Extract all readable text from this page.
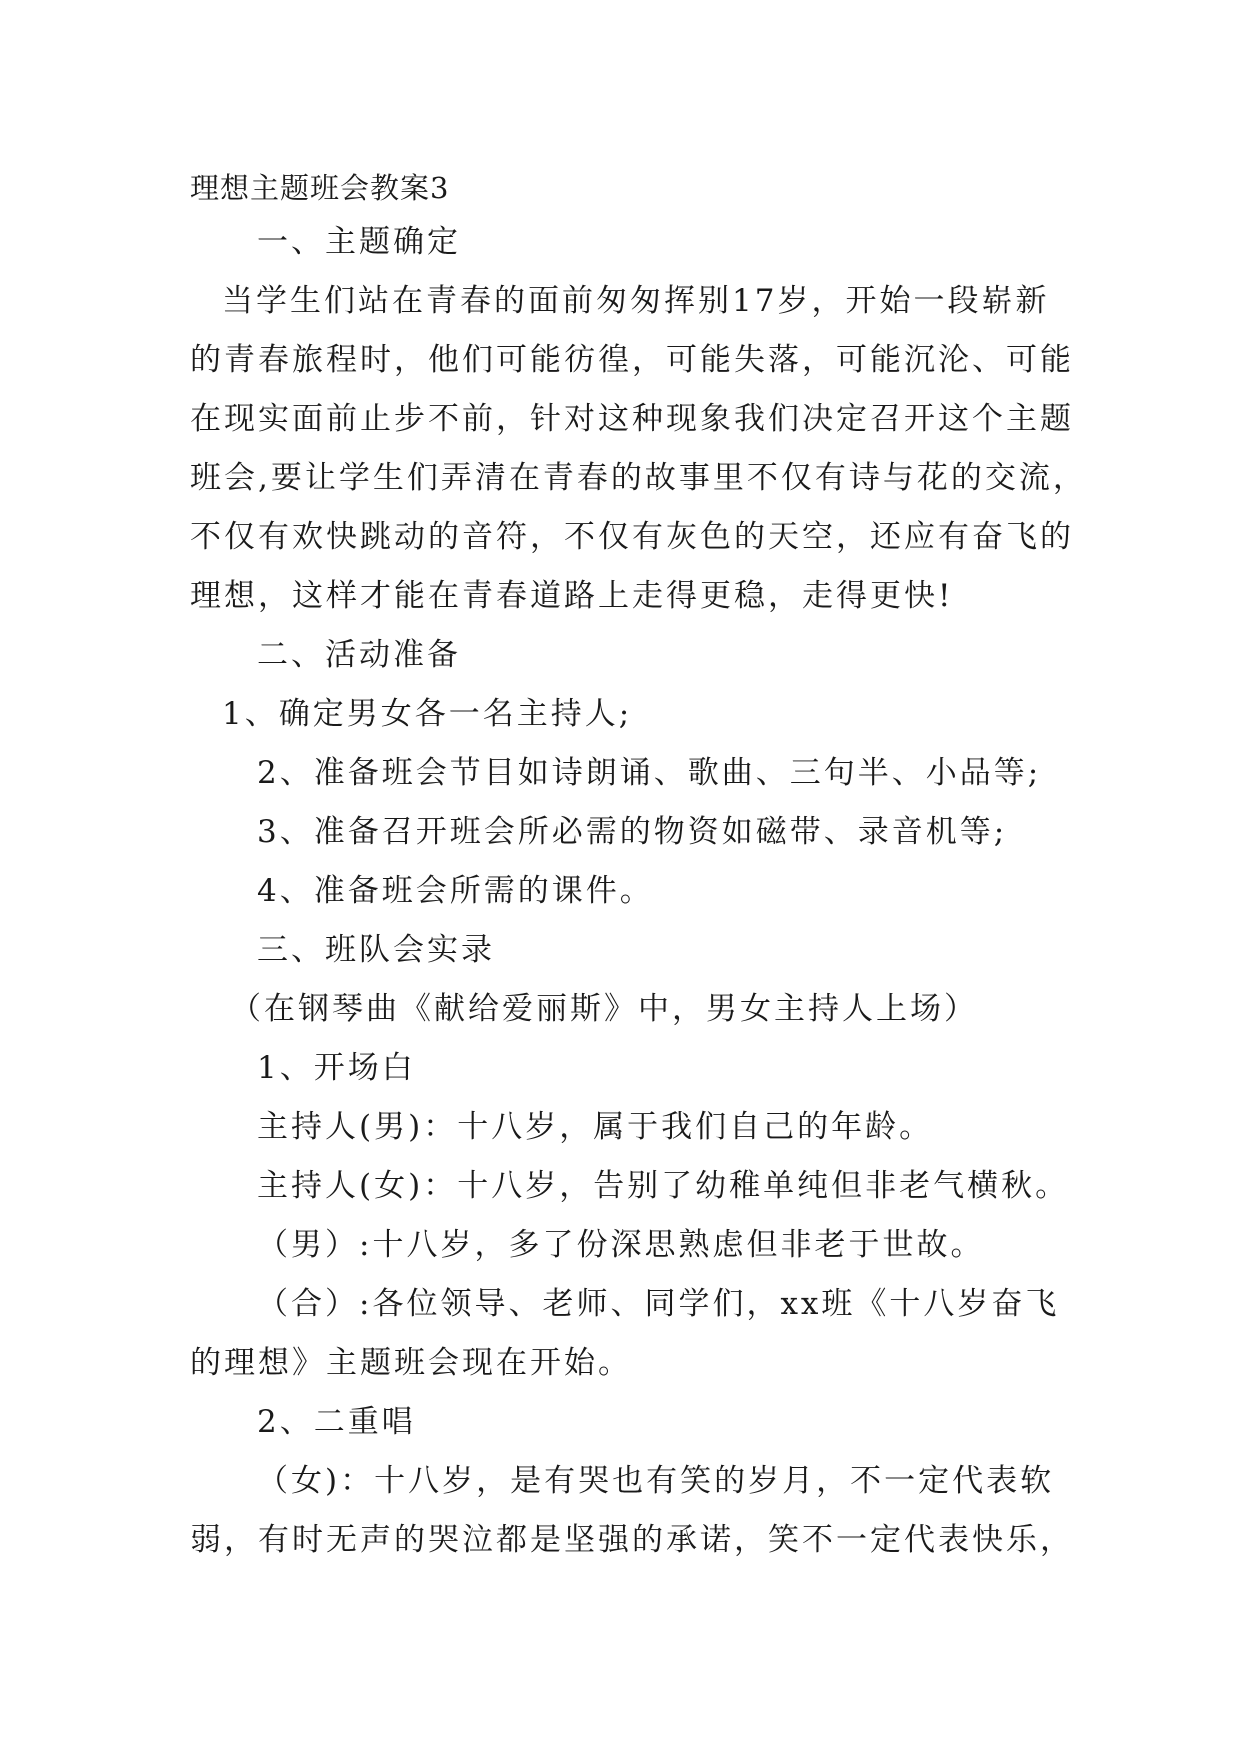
理想主题班会教案3

一、主题确定

当学生们站在青春的面前匆匆挥别17岁，开始一段崭新

的青春旅程时，他们可能彷徨，可能失落，可能沉沦、可能

在现实面前止步不前，针对这种现象我们决定召开这个主题

班会,要让学生们弄清在青春的故事里不仅有诗与花的交流，

不仅有欢快跳动的音符，不仅有灰色的天空，还应有奋飞的

理想，这样才能在青春道路上走得更稳，走得更快!

二、活动准备

1、确定男女各一名主持人;

2、准备班会节目如诗朗诵、歌曲、三句半、小品等;

3、准备召开班会所必需的物资如磁带、录音机等;

4、准备班会所需的课件。

三、班队会实录

（在钢琴曲《献给爱丽斯》中，男女主持人上场）

1、开场白

主持人(男)：十八岁，属于我们自己的年龄。

主持人(女)：十八岁，告别了幼稚单纯但非老气横秋。

（男）:十八岁，多了份深思熟虑但非老于世故。

（合）:各位领导、老师、同学们，xx班《十八岁奋飞

的理想》主题班会现在开始。

2、二重唱

（女)：十八岁，是有哭也有笑的岁月，不一定代表软

弱，有时无声的哭泣都是坚强的承诺，笑不一定代表快乐，
